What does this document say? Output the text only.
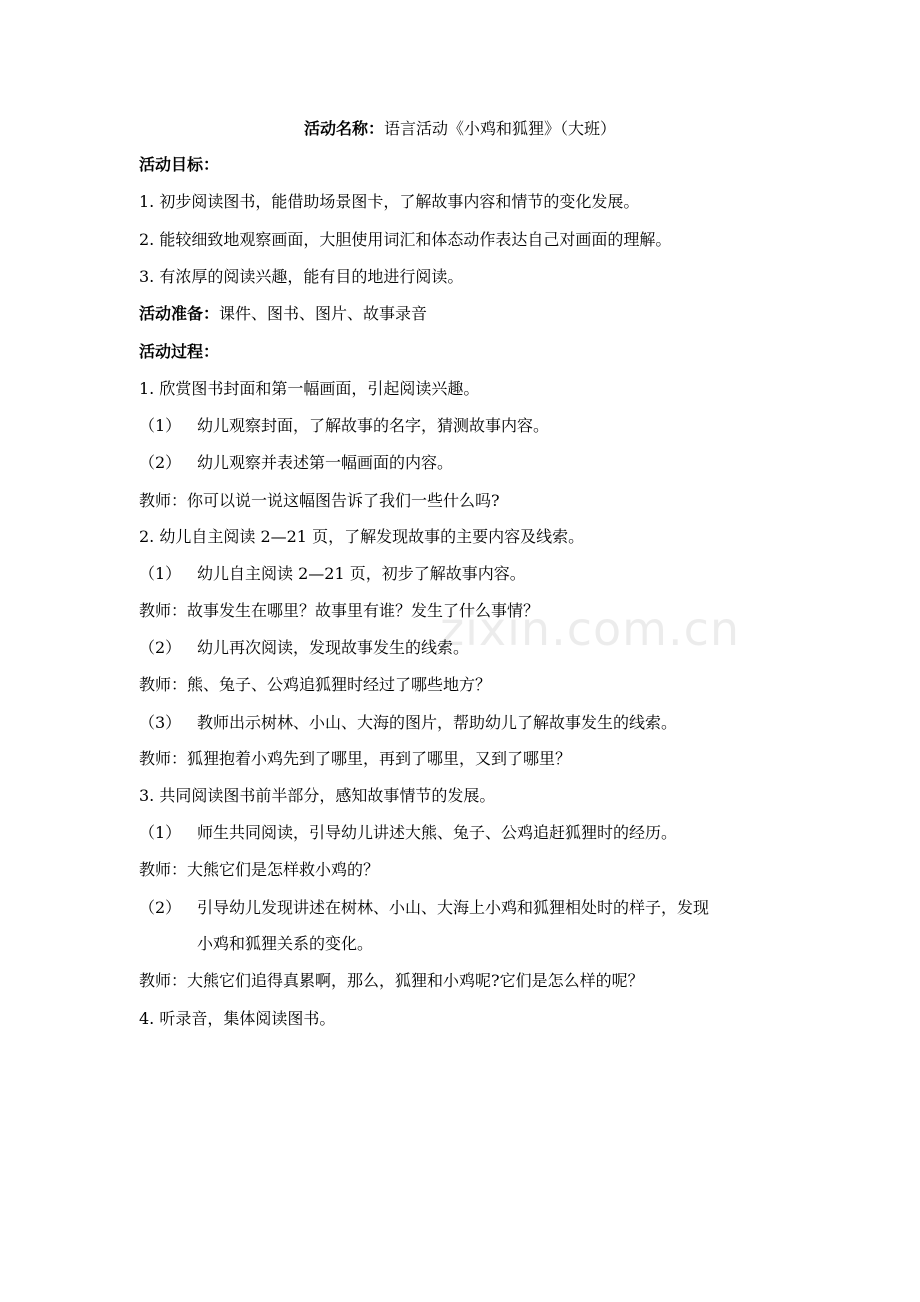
zixin.com.cn
活动名称：语言活动《小鸡和狐狸》（大班）
活动目标：
1. 初步阅读图书，能借助场景图卡，了解故事内容和情节的变化发展。
2. 能较细致地观察画面，大胆使用词汇和体态动作表达自己对画面的理解。
3. 有浓厚的阅读兴趣，能有目的地进行阅读。
活动准备：课件、图书、图片、故事录音
活动过程：
1. 欣赏图书封面和第一幅画面，引起阅读兴趣。
（1） 幼儿观察封面，了解故事的名字，猜测故事内容。
（2） 幼儿观察并表述第一幅画面的内容。
教师：你可以说一说这幅图告诉了我们一些什么吗?
2. 幼儿自主阅读 2—21 页，了解发现故事的主要内容及线索。
（1） 幼儿自主阅读 2—21 页，初步了解故事内容。
教师：故事发生在哪里？故事里有谁？发生了什么事情？
（2） 幼儿再次阅读，发现故事发生的线索。
教师：熊、兔子、公鸡追狐狸时经过了哪些地方？
（3） 教师出示树林、小山、大海的图片，帮助幼儿了解故事发生的线索。
教师：狐狸抱着小鸡先到了哪里，再到了哪里，又到了哪里？
3. 共同阅读图书前半部分，感知故事情节的发展。
（1） 师生共同阅读，引导幼儿讲述大熊、兔子、公鸡追赶狐狸时的经历。
教师：大熊它们是怎样救小鸡的？
（2） 引导幼儿发现讲述在树林、小山、大海上小鸡和狐狸相处时的样子，发现
小鸡和狐狸关系的变化。
教师：大熊它们追得真累啊，那么，狐狸和小鸡呢?它们是怎么样的呢？
4. 听录音，集体阅读图书。
